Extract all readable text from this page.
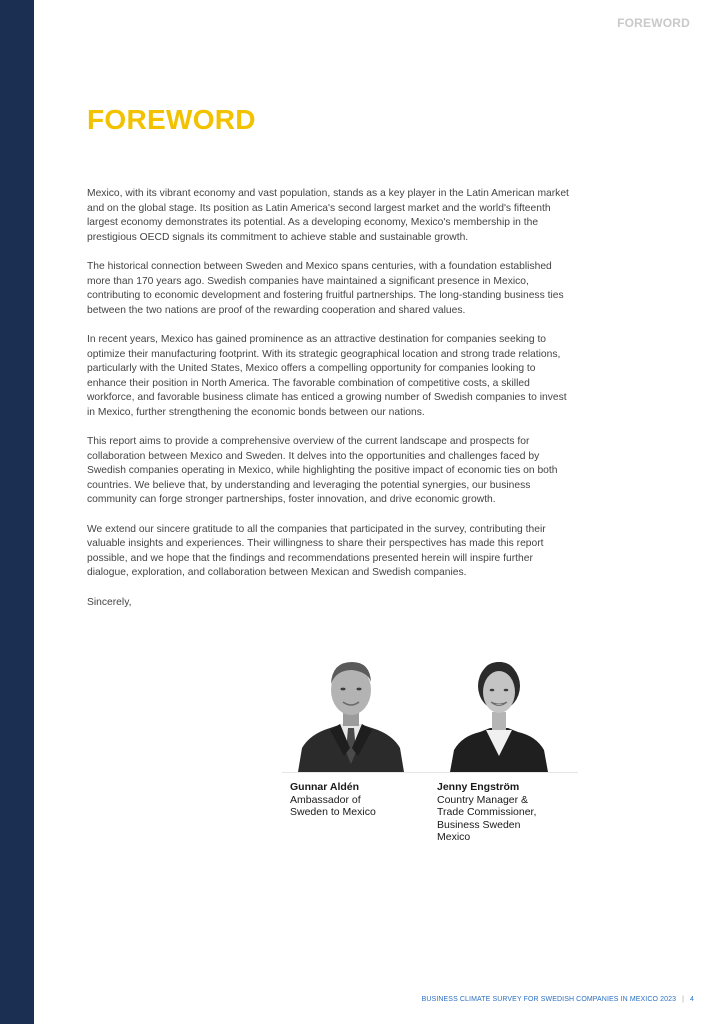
FOREWORD
FOREWORD

Mexico, with its vibrant economy and vast population, stands as a key player in the Latin American market and on the global stage. Its position as Latin America's second largest market and the world's fifteenth largest economy demonstrates its potential. As a developing economy, Mexico's membership in the prestigious OECD signals its commitment to achieve stable and sustainable growth.

The historical connection between Sweden and Mexico spans centuries, with a foundation established more than 170 years ago. Swedish companies have maintained a significant presence in Mexico, contributing to economic development and fostering fruitful partnerships. The long-standing business ties between the two nations are proof of the rewarding cooperation and shared values.

In recent years, Mexico has gained prominence as an attractive destination for companies seeking to optimize their manufacturing footprint. With its strategic geographical location and strong trade relations, particularly with the United States, Mexico offers a compelling opportunity for companies looking to enhance their position in North America. The favorable combination of competitive costs, a skilled workforce, and favorable business climate has enticed a growing number of Swedish companies to invest in Mexico, further strengthening the economic bonds between our nations.

This report aims to provide a comprehensive overview of the current landscape and prospects for collaboration between Mexico and Sweden. It delves into the opportunities and challenges faced by Swedish companies operating in Mexico, while highlighting the positive impact of economic ties on both countries. We believe that, by understanding and leveraging the potential synergies, our business community can forge stronger partnerships, foster innovation, and drive economic growth.

We extend our sincere gratitude to all the companies that participated in the survey, contributing their valuable insights and experiences. Their willingness to share their perspectives has made this report possible, and we hope that the findings and recommendations presented herein will inspire further dialogue, exploration, and collaboration between Mexican and Swedish companies.

Sincerely,

Gunnar Aldén
Ambassador of
Sweden to Mexico
Jenny Engström
Country Manager &
Trade Commissioner,
Business Sweden
Mexico
BUSINESS CLIMATE SURVEY FOR SWEDISH COMPANIES IN MEXICO 2023 | 4
